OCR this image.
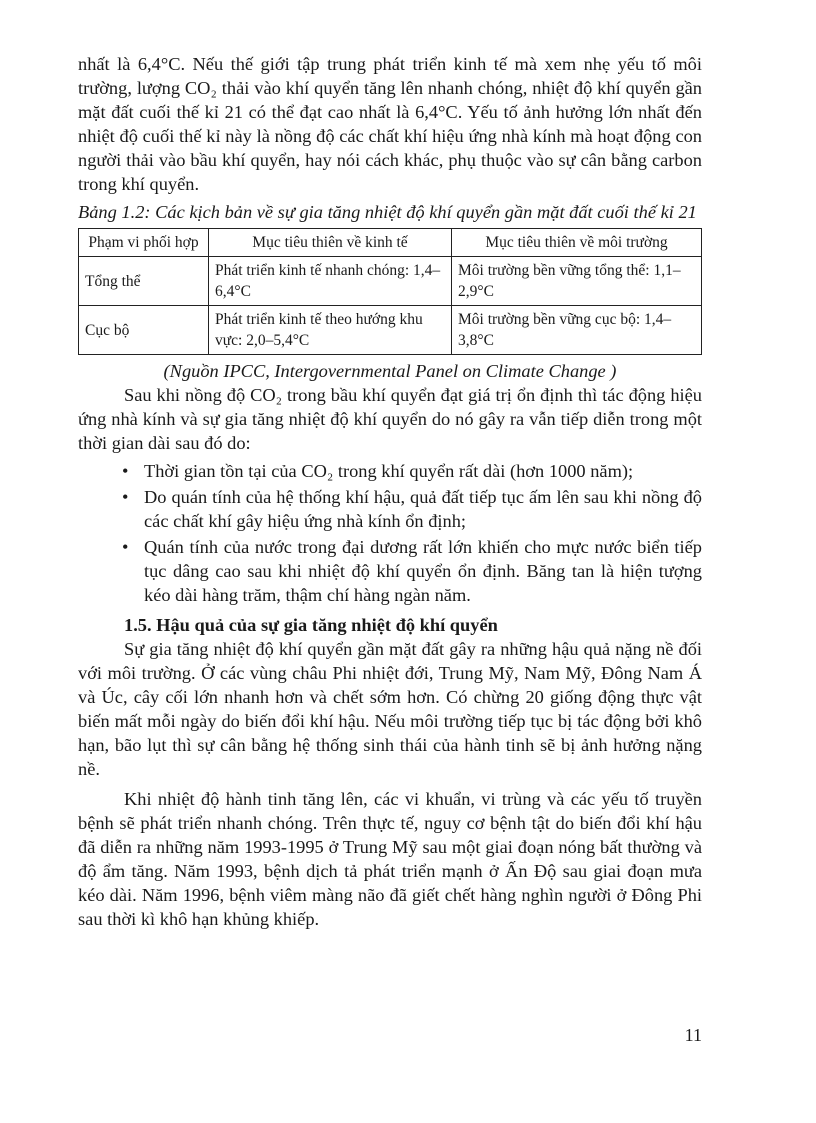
nhất là 6,4°C. Nếu thế giới tập trung phát triển kinh tế mà xem nhẹ yếu tố môi trường, lượng CO₂ thải vào khí quyển tăng lên nhanh chóng, nhiệt độ khí quyển gần mặt đất cuối thế kỉ 21 có thể đạt cao nhất là 6,4°C. Yếu tố ảnh hưởng lớn nhất đến nhiệt độ cuối thế kỉ này là nồng độ các chất khí hiệu ứng nhà kính mà hoạt động con người thải vào bầu khí quyển, hay nói cách khác, phụ thuộc vào sự cân bằng carbon trong khí quyển.

Bảng 1.2: Các kịch bản về sự gia tăng nhiệt độ khí quyển gần mặt đất cuối thế kỉ 21

Phạm vi phối hợp	Mục tiêu thiên về kinh tế	Mục tiêu thiên về môi trường
Tổng thể	Phát triển kinh tế nhanh chóng: 1,4–6,4°C	Môi trường bền vững tổng thể: 1,1–2,9°C
Cục bộ	Phát triển kinh tế theo hướng khu vực: 2,0–5,4°C	Môi trường bền vững cục bộ: 1,4–3,8°C

(Nguồn IPCC, Intergovernmental Panel on Climate Change )

Sau khi nồng độ CO₂ trong bầu khí quyển đạt giá trị ổn định thì tác động hiệu ứng nhà kính và sự gia tăng nhiệt độ khí quyển do nó gây ra vẫn tiếp diễn trong một thời gian dài sau đó do:

• Thời gian tồn tại của CO₂ trong khí quyển rất dài (hơn 1000 năm);
• Do quán tính của hệ thống khí hậu, quả đất tiếp tục ấm lên sau khi nồng độ các chất khí gây hiệu ứng nhà kính ổn định;
• Quán tính của nước trong đại dương rất lớn khiến cho mực nước biển tiếp tục dâng cao sau khi nhiệt độ khí quyển ổn định. Băng tan là hiện tượng kéo dài hàng trăm, thậm chí hàng ngàn năm.
1.5. Hậu quả của sự gia tăng nhiệt độ khí quyển

Sự gia tăng nhiệt độ khí quyển gần mặt đất gây ra những hậu quả nặng nề đối với môi trường. Ở các vùng châu Phi nhiệt đới, Trung Mỹ, Nam Mỹ, Đông Nam Á và Úc, cây cối lớn nhanh hơn và chết sớm hơn. Có chừng 20 giống động thực vật biến mất mỗi ngày do biến đổi khí hậu. Nếu môi trường tiếp tục bị tác động bởi khô hạn, bão lụt thì sự cân bằng hệ thống sinh thái của hành tinh sẽ bị ảnh hưởng nặng nề.

Khi nhiệt độ hành tinh tăng lên, các vi khuẩn, vi trùng và các yếu tố truyền bệnh sẽ phát triển nhanh chóng. Trên thực tế, nguy cơ bệnh tật do biến đổi khí hậu đã diễn ra những năm 1993-1995 ở Trung Mỹ sau một giai đoạn nóng bất thường và độ ẩm tăng. Năm 1993, bệnh dịch tả phát triển mạnh ở Ấn Độ sau giai đoạn mưa kéo dài. Năm 1996, bệnh viêm màng não đã giết chết hàng nghìn người ở Đông Phi sau thời kì khô hạn khủng khiếp.

11
